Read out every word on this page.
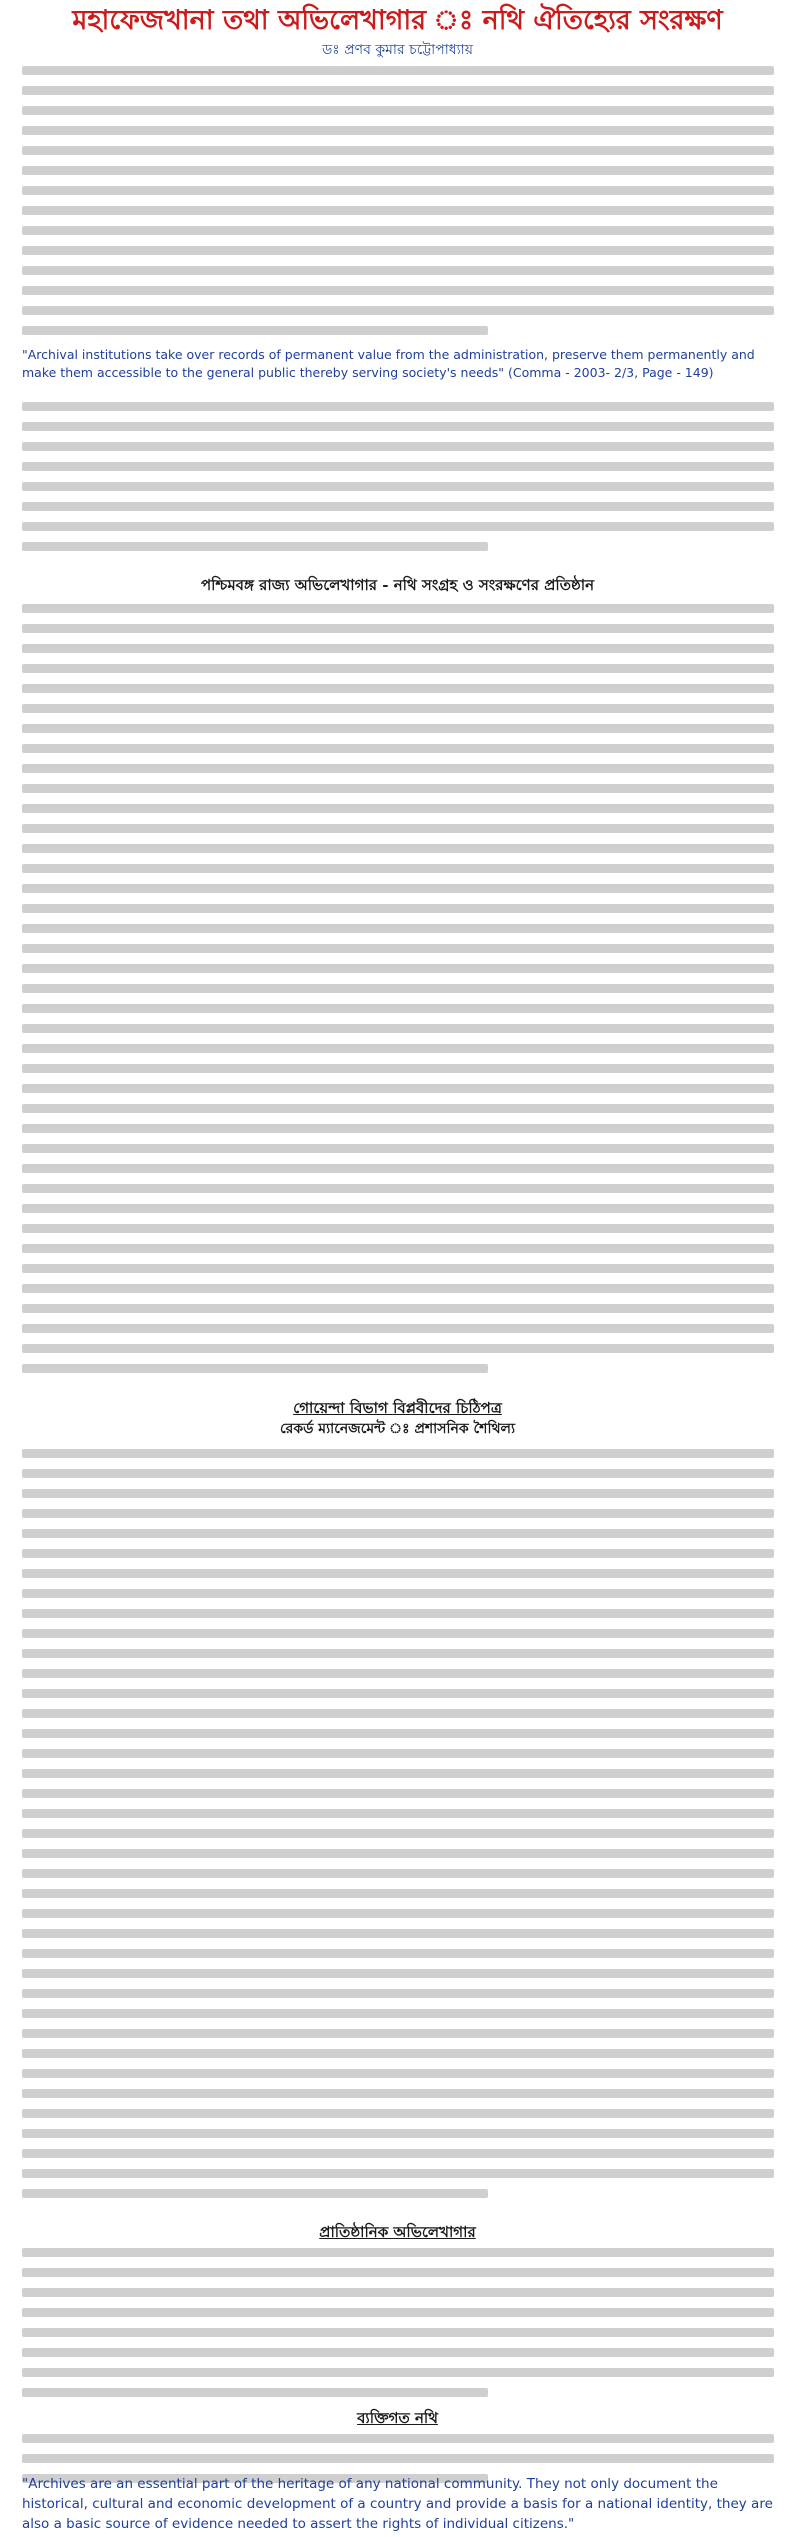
মহাফেজখানা তথা অভিলেখাগার ঃ নথি ঐতিহ্যের সংরক্ষণ

ডঃ প্রণব কুমার চট্টোপাধ্যায়

"Archival institutions take over records of permanent value from the administration, preserve them permanently and make them accessible to the general public thereby serving society's needs" (Comma - 2003- 2/3, Page - 149)

পশ্চিমবঙ্গ রাজ্য অভিলেখাগার - নথি সংগ্রহ ও সংরক্ষণের প্রতিষ্ঠান
গোয়েন্দা বিভাগ বিপ্লবীদের চিঠিপত্র
রেকর্ড ম্যানেজমেন্ট ঃ প্রশাসনিক শৈথিল্য
প্রাতিষ্ঠানিক অভিলেখাগার
ব্যক্তিগত নথি

"Archives are an essential part of the heritage of any national community. They not only document the historical, cultural and economic development of a country and provide a basis for a national identity, they are also a basic source of evidence needed to assert the rights of individual citizens."
